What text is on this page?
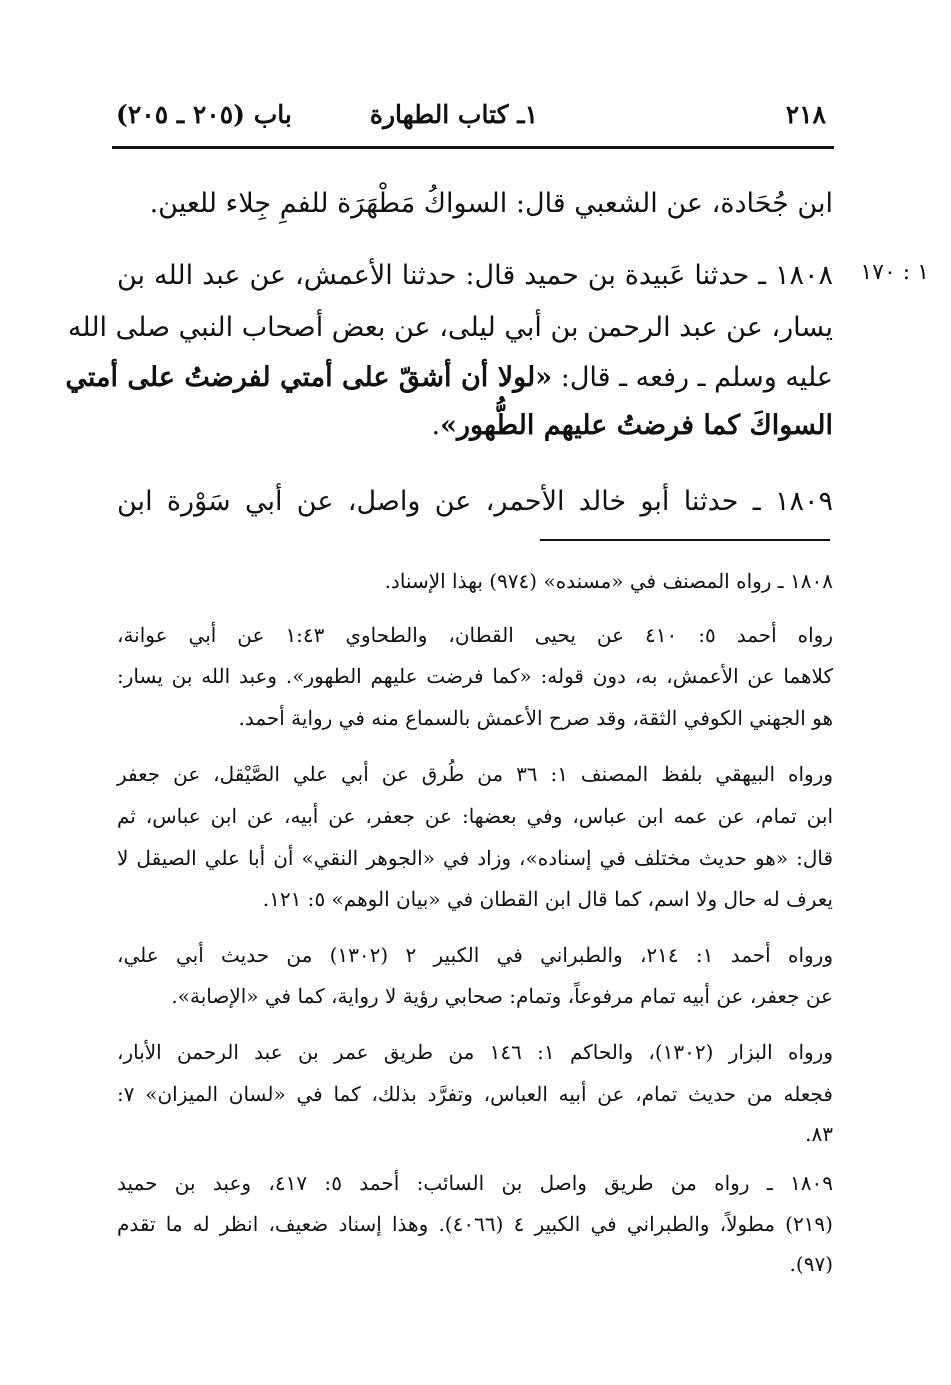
٢١٨
١ـ كتاب الطهارة
باب (٢٠٥ ـ ٢٠٥)
١ : ١٧٠
ابن جُحَادة، عن الشعبي قال: السواكُ مَطْهَرَة للفمِ جِلاء للعين.
١٨٠٨ ـ حدثنا عَبيدة بن حميد قال: حدثنا الأعمش، عن عبد الله بن
يسار، عن عبد الرحمن بن أبي ليلى، عن بعض أصحاب النبي صلى الله
عليه وسلم ـ رفعه ـ قال: «لولا أن أشقّ على أمتي لفرضتُ على أمتي
السواكَ كما فرضتُ عليهم الطُّهور».
١٨٠٩ ـ حدثنا أبو خالد الأحمر، عن واصل، عن أبي سَوْرة ابن
١٨٠٨ ـ رواه المصنف في «مسنده» (٩٧٤) بهذا الإسناد.
رواه أحمد ٥: ٤١٠ عن يحيى القطان، والطحاوي ١:٤٣ عن أبي عوانة،
كلاهما عن الأعمش، به، دون قوله: «كما فرضت عليهم الطهور». وعبد الله بن يسار:
هو الجهني الكوفي الثقة، وقد صرح الأعمش بالسماع منه في رواية أحمد.
ورواه البيهقي بلفظ المصنف ١: ٣٦ من طُرق عن أبي علي الصَّيْقل، عن جعفر
ابن تمام، عن عمه ابن عباس، وفي بعضها: عن جعفر، عن أبيه، عن ابن عباس، ثم
قال: «هو حديث مختلف في إسناده»، وزاد في «الجوهر النقي» أن أبا علي الصيقل لا
يعرف له حال ولا اسم، كما قال ابن القطان في «بيان الوهم» ٥: ١٢١.
ورواه أحمد ١: ٢١٤، والطبراني في الكبير ٢ (١٣٠٢) من حديث أبي علي،
عن جعفر، عن أبيه تمام مرفوعاً، وتمام: صحابي رؤية لا رواية، كما في «الإصابة».
ورواه البزار (١٣٠٢)، والحاكم ١: ١٤٦ من طريق عمر بن عبد الرحمن الأبار،
فجعله من حديث تمام، عن أبيه العباس، وتفرَّد بذلك، كما في «لسان الميزان» ٧:
٨٣.
١٨٠٩ ـ رواه من طريق واصل بن السائب: أحمد ٥: ٤١٧، وعبد بن حميد
(٢١٩) مطولاً، والطبراني في الكبير ٤ (٤٠٦٦). وهذا إسناد ضعيف، انظر له ما تقدم
(٩٧).
